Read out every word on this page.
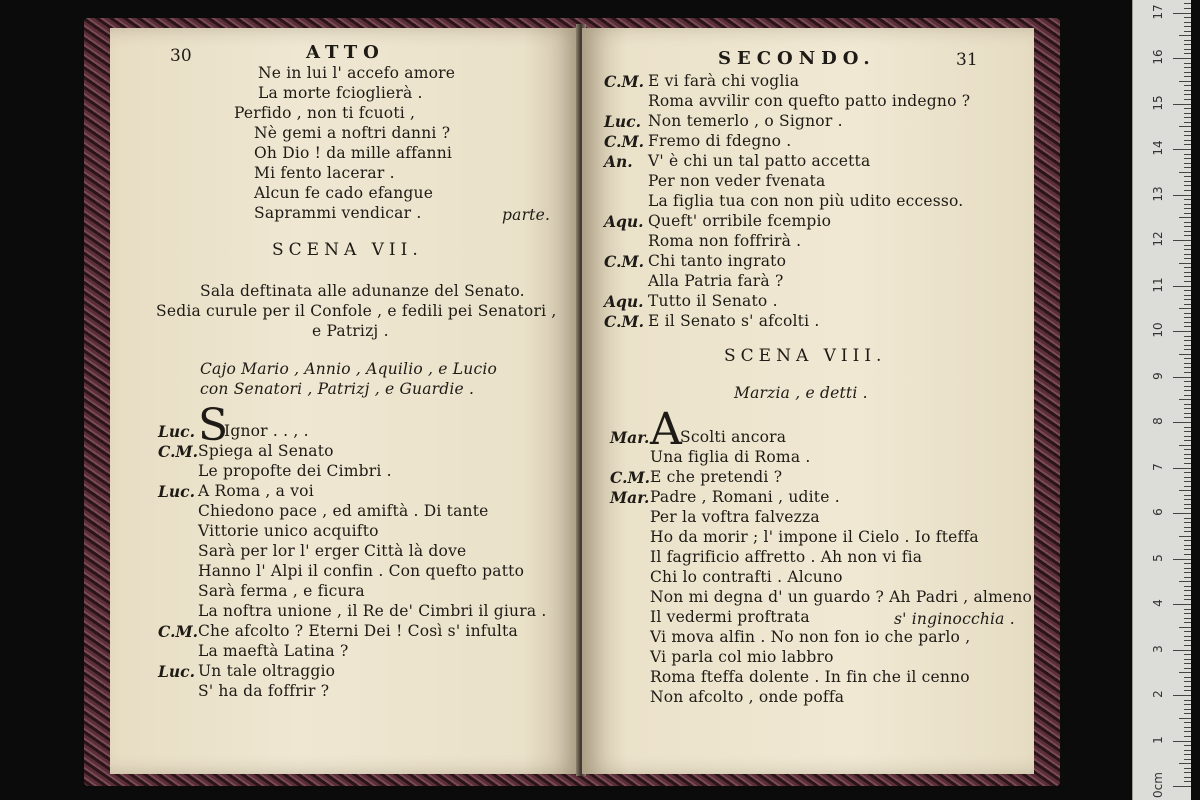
30	ATTO
Ne in lui l' accefo amore
La morte fcioglierà .
Perfido , non ti fcuoti ,
Nè gemi a noftri danni ?
Oh Dio ! da mille affanni
Mi fento lacerar .
Alcun fe cado efangue
Saprammi vendicar .	parte.
SCENA VII.
Sala deftinata alle adunanze del Senato.
Sedia curule per il Confole , e fedili pei Senatori ,
e Patrizj .
Cajo Mario , Annio , Aquilio , e Lucio
con Senatori , Patrizj , e Guardie .
Luc. S
Ignor . . , .
C.M. Spiega al Senato
Le propofte dei Cimbri .
Luc. A Roma , a voi
Chiedono pace , ed amiftà . Di tante
Vittorie unico acquifto
Sarà per lor l' erger Città là dove
Hanno l' Alpi il confin . Con quefto patto
Sarà ferma , e ficura
La noftra unione , il Re de' Cimbri il giura .
C.M. Che afcolto ? Eterni Dei ! Così s' infulta
La maeftà Latina ?
Luc. Un tale oltraggio
S' ha da foffrir ?
SECONDO.	31
C.M. E vi farà chi voglia
Roma avvilir con quefto patto indegno ?
Luc. Non temerlo , o Signor .
C.M. Fremo di fdegno .
An. V' è chi un tal patto accetta
Per non veder fvenata
La figlia tua con non più udito eccesso.
Aqu. Queft' orribile fcempio
Roma non foffrirà .
C.M. Chi tanto ingrato
Alla Patria farà ?
Aqu. Tutto il Senato .
C.M. E il Senato s' afcolti .
SCENA VIII.
Marzia , e detti .
Mar. A
Scolti ancora
Una figlia di Roma .
C.M. E che pretendi ?
Mar. Padre , Romani , udite .
Per la voftra falvezza
Ho da morir ; l' impone il Cielo . Io fteffa
Il fagrificio affretto . Ah non vi fia
Chi lo contrafti . Alcuno
Non mi degna d' un guardo ? Ah Padri , almeno
Il vedermi proftrata	s' inginocchia .
Vi mova alfin . No non fon io che parlo ,
Vi parla col mio labbro
Roma fteffa dolente . In fin che il cenno
Non afcolto , onde poffa
0cm
1
2
3
4
5
6
7
8
9
10
11
12
13
14
15
16
17
